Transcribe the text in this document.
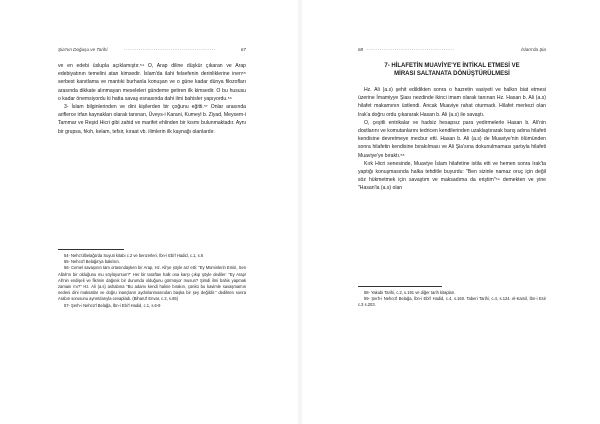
Şia'nın Doğuşu ve Tarihi	.................................................	67

ve en edebi üslupla açıklamıştır.⁵⁴ O, Arap diline düşkür çıkaran ve Arap edebiyatının temelini atan kimsedir. İslam'da ilahi felsefenin derinliklerine inen⁵⁵ serbest kanıtlama ve mantıki burhanla konuşan ve o güne kadar dünya filozofları arasında dikkate alınmayan meseleleri gündeme getiren ilk kimsedir. O bu hususu o kadar önemsiyordu ki hatta savaş esnasında dahi ilmi bahisler yapıyordu.⁵⁶

3- İslam bilginlerinden ve dini kişilerden bir çoğunu eğitti.⁵⁷ Onlar arasında ariflerce irfan kaynakları olarak tanınan, Üveys-i Karani, Kumeyl b. Ziyad, Meysem-i Tammar ve Reşid Hicri gibi zahid ve marifet ehlinden bir kısmı bulunmaktadır. Aynı bir grupsa, fıkıh, kelam, tefsir, kıraat vb. ilimlerin ilk kaynağı olanlardır.

54- Nehc'ülbelağa'da Suyuti kitabı c.2 ve benzerleri, İbn-i Ebi'l Hadid, c.1, s.6

55- Nehcü'l Belağa'ya bakılsın.

56- Cemel savaşının tam ortasındayken bir Arap, Hz. Ali'ye şöyle arz etti: "Ey Müminlerin Emiri, Sen Allah'ın bir olduğunu mu söylüyorsun?" Her bir taraftan halk ona karşı çıkıp şöyle dediler: "Ey Arap! Ali'nin endişeli ve fikrinin dağınık bir durumda olduğunu görmüyor musun? Şimdi ilmi bahis yapmak zamanı mı?" Hz. Ali (a.s) ashabına "Bu adamı kendi haline bırakın, çünkü bu kavimle savaşmamın nedeni dini maksatlar ve doğru inançların aydınlanmasından başka bir şey değildir." dedikten sonra Arabın sorusunu ayrıntılarıyla cevapladı. (Biharu'l Envar, c.2, s.65)

57- Şerh-i Nehcü'l Belağa, İbn-i Ebi'l Hadid, c.1, s.6-9

68 ...............................................	İslam'da Şia

7- HİLAFETİN MUAVİYE'YE İNTİKAL ETMESİ VE

MİRASI SALTANATA DÖNÜŞTÜRÜLMESİ

Hz. Ali (a.s) şehit edildikten sonra o hazretin vasiyeti ve halkın biat etmesi üzerine İmamiyye Şiası nezdinde ikinci imam olarak tanınan Hz. Hasan b. Ali (a.s) hilafet makamının üstlendi. Ancak Muaviye rahat oturmadı. Hilafet merkezi olan Irak'a doğru ordu çıkararak Hasan b. Ali (a.s) ile savaştı.

O, çeşitli entrikalar ve hadsiz hesapsız para yedirmelerle Hasan b. Ali'nin dostlarını ve komutanlarını tedricen kendilerinden uzaklaştırarak barış adına hilafeti kendisine devretmeye mecbur etti. Hasan b. Ali (a.s) de Muaviye'nin ölümünden sonra hilafetin kendisine bırakılması ve Ali Şia'sına dokunulmaması şartıyla hilafeti Muaviye'ye bıraktı.⁵⁸

Kırk Hicri senesinde, Muaviye İslam hilafetine istila etti ve hemen sonra Irak'ta yaptığı konuşmasında halka tehditle buyurdu: "Ben sizinle namaz oruç için değil söz hükmetmek için savaştım ve maksadıma da eriştim"⁵⁹ demekten ve yine "Hasan'la (a.s) olan

58- Yakubi Tarihi, c.2, s.191 ve diğer tarih kitapları.

59- Şerh-i Nehcü'l Belağa, İbn-i Ebi'l Hadid, c.4, s.160. Taberi Tarihi, c.4, s.124. el-Kamil, İbn-i Esir c.3 s.203.
